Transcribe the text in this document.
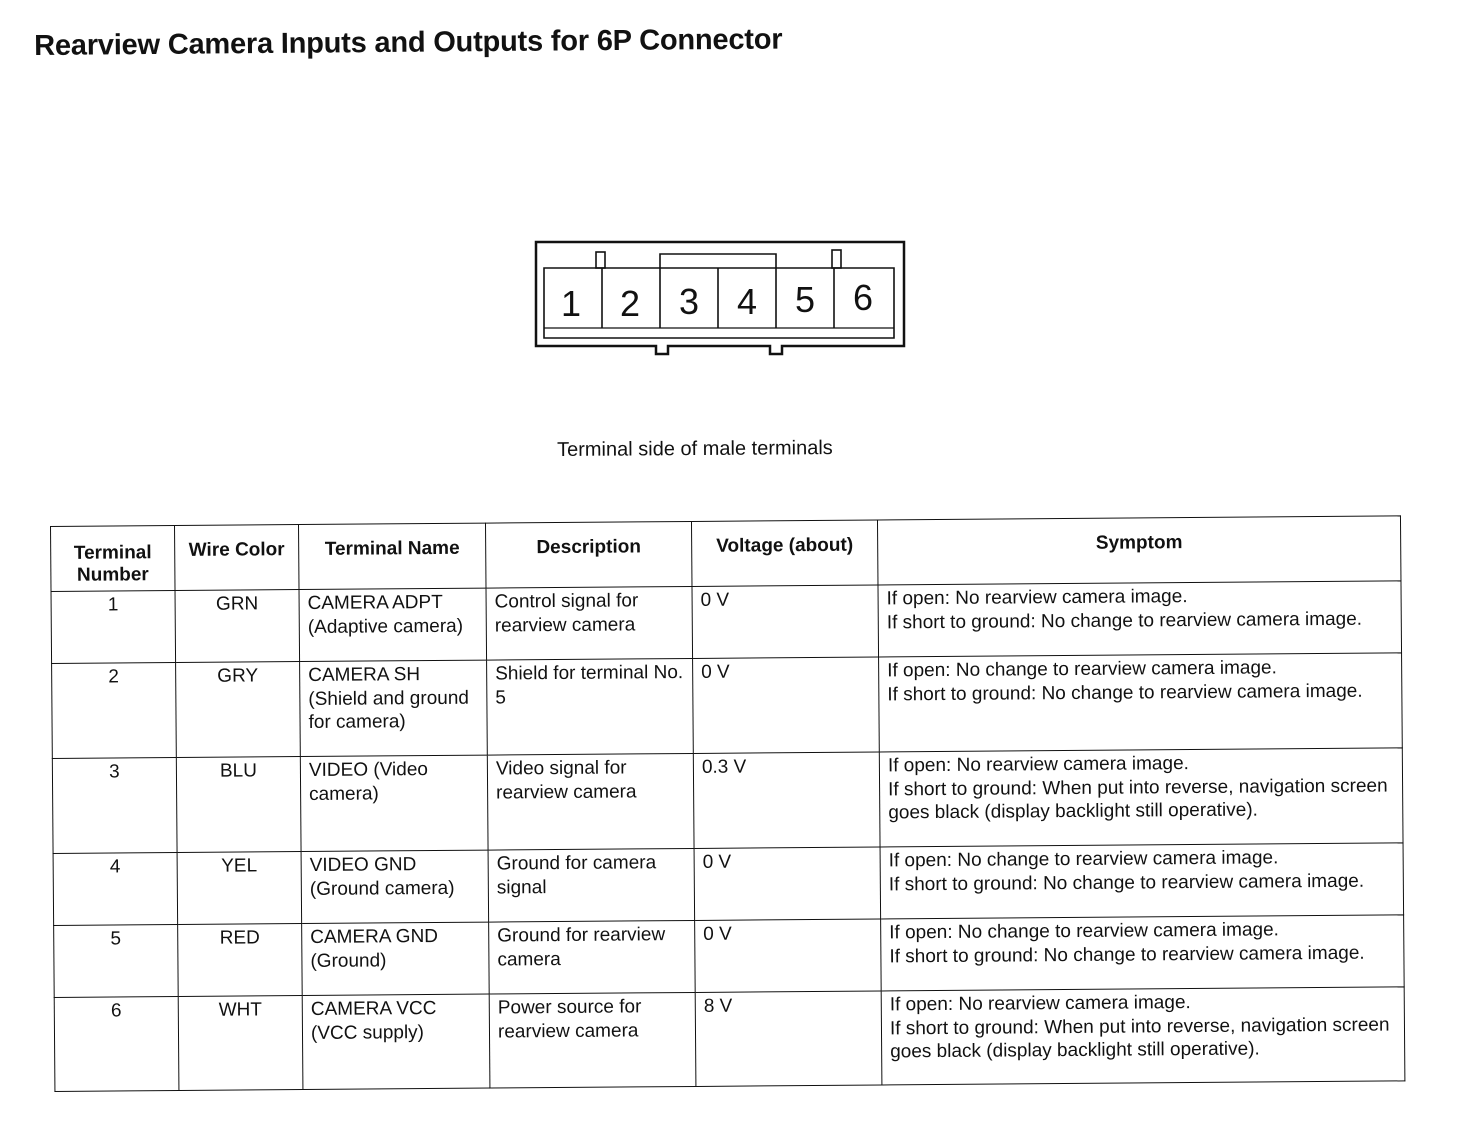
Rearview Camera Inputs and Outputs for 6P Connector
1 2 3 4 5 6
Terminal side of male terminals
Terminal
Number	Wire Color	Terminal Name	Description	Voltage (about)	Symptom
1	GRN	CAMERA ADPT (Adaptive camera)	Control signal for rearview camera	0 V	If open: No rearview camera image.
If short to ground: No change to rearview camera image.

2	GRY	CAMERA SH (Shield and ground for camera)	Shield for terminal No. 5	0 V	If open: No change to rearview camera image.
If short to ground: No change to rearview camera image.

3	BLU	VIDEO (Video camera)	Video signal for rearview camera	0.3 V	If open: No rearview camera image.
If short to ground: When put into reverse, navigation screen goes black (display backlight still operative).

4	YEL	VIDEO GND (Ground camera)	Ground for camera signal	0 V	If open: No change to rearview camera image.
If short to ground: No change to rearview camera image.

5	RED	CAMERA GND (Ground)	Ground for rearview camera	0 V	If open: No change to rearview camera image.
If short to ground: No change to rearview camera image.

6	WHT	CAMERA VCC (VCC supply)	Power source for rearview camera	8 V	If open: No rearview camera image.
If short to ground: When put into reverse, navigation screen goes black (display backlight still operative).
